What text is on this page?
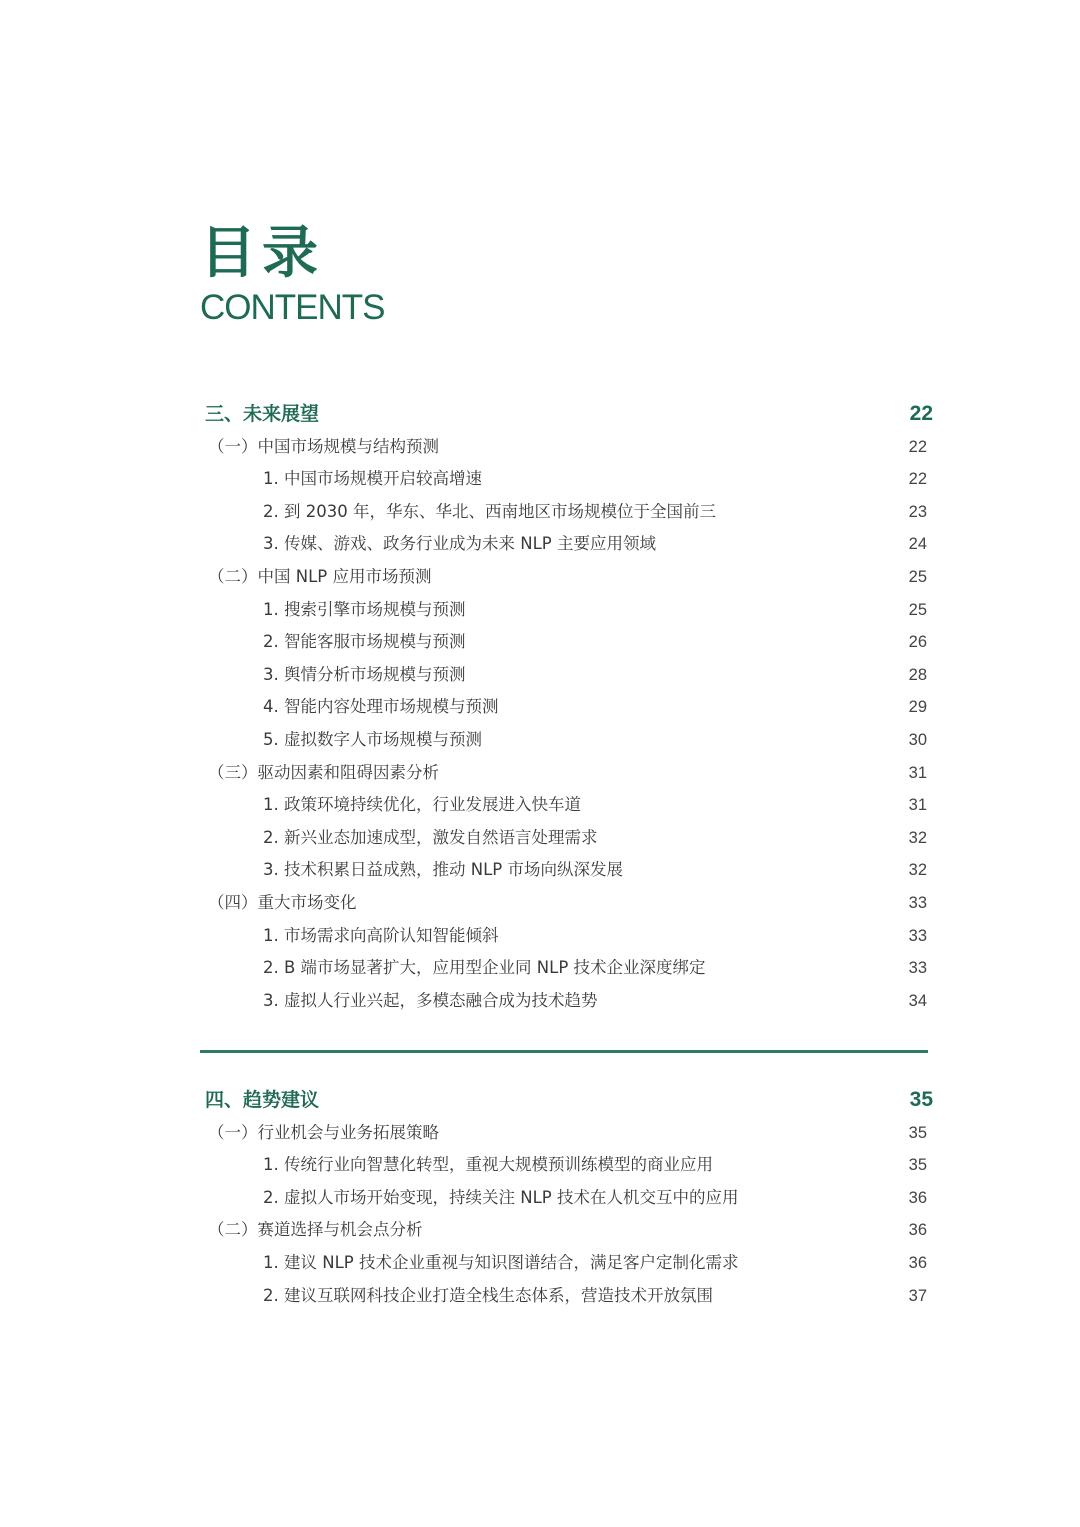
目录
CONTENTS
三、未来展望	22
（一）中国市场规模与结构预测	22
1. 中国市场规模开启较高增速	22
2. 到 2030 年，华东、华北、西南地区市场规模位于全国前三	23
3. 传媒、游戏、政务行业成为未来 NLP 主要应用领域	24
（二）中国 NLP 应用市场预测	25
1. 搜索引擎市场规模与预测	25
2. 智能客服市场规模与预测	26
3. 舆情分析市场规模与预测	28
4. 智能内容处理市场规模与预测	29
5. 虚拟数字人市场规模与预测	30
（三）驱动因素和阻碍因素分析	31
1. 政策环境持续优化，行业发展进入快车道	31
2. 新兴业态加速成型，激发自然语言处理需求	32
3. 技术积累日益成熟，推动 NLP 市场向纵深发展	32
（四）重大市场变化	33
1. 市场需求向高阶认知智能倾斜	33
2. B 端市场显著扩大，应用型企业同 NLP 技术企业深度绑定	33
3. 虚拟人行业兴起，多模态融合成为技术趋势	34
四、趋势建议	35
（一）行业机会与业务拓展策略	35
1. 传统行业向智慧化转型，重视大规模预训练模型的商业应用	35
2. 虚拟人市场开始变现，持续关注 NLP 技术在人机交互中的应用	36
（二）赛道选择与机会点分析	36
1. 建议 NLP 技术企业重视与知识图谱结合，满足客户定制化需求	36
2. 建议互联网科技企业打造全栈生态体系，营造技术开放氛围	37
